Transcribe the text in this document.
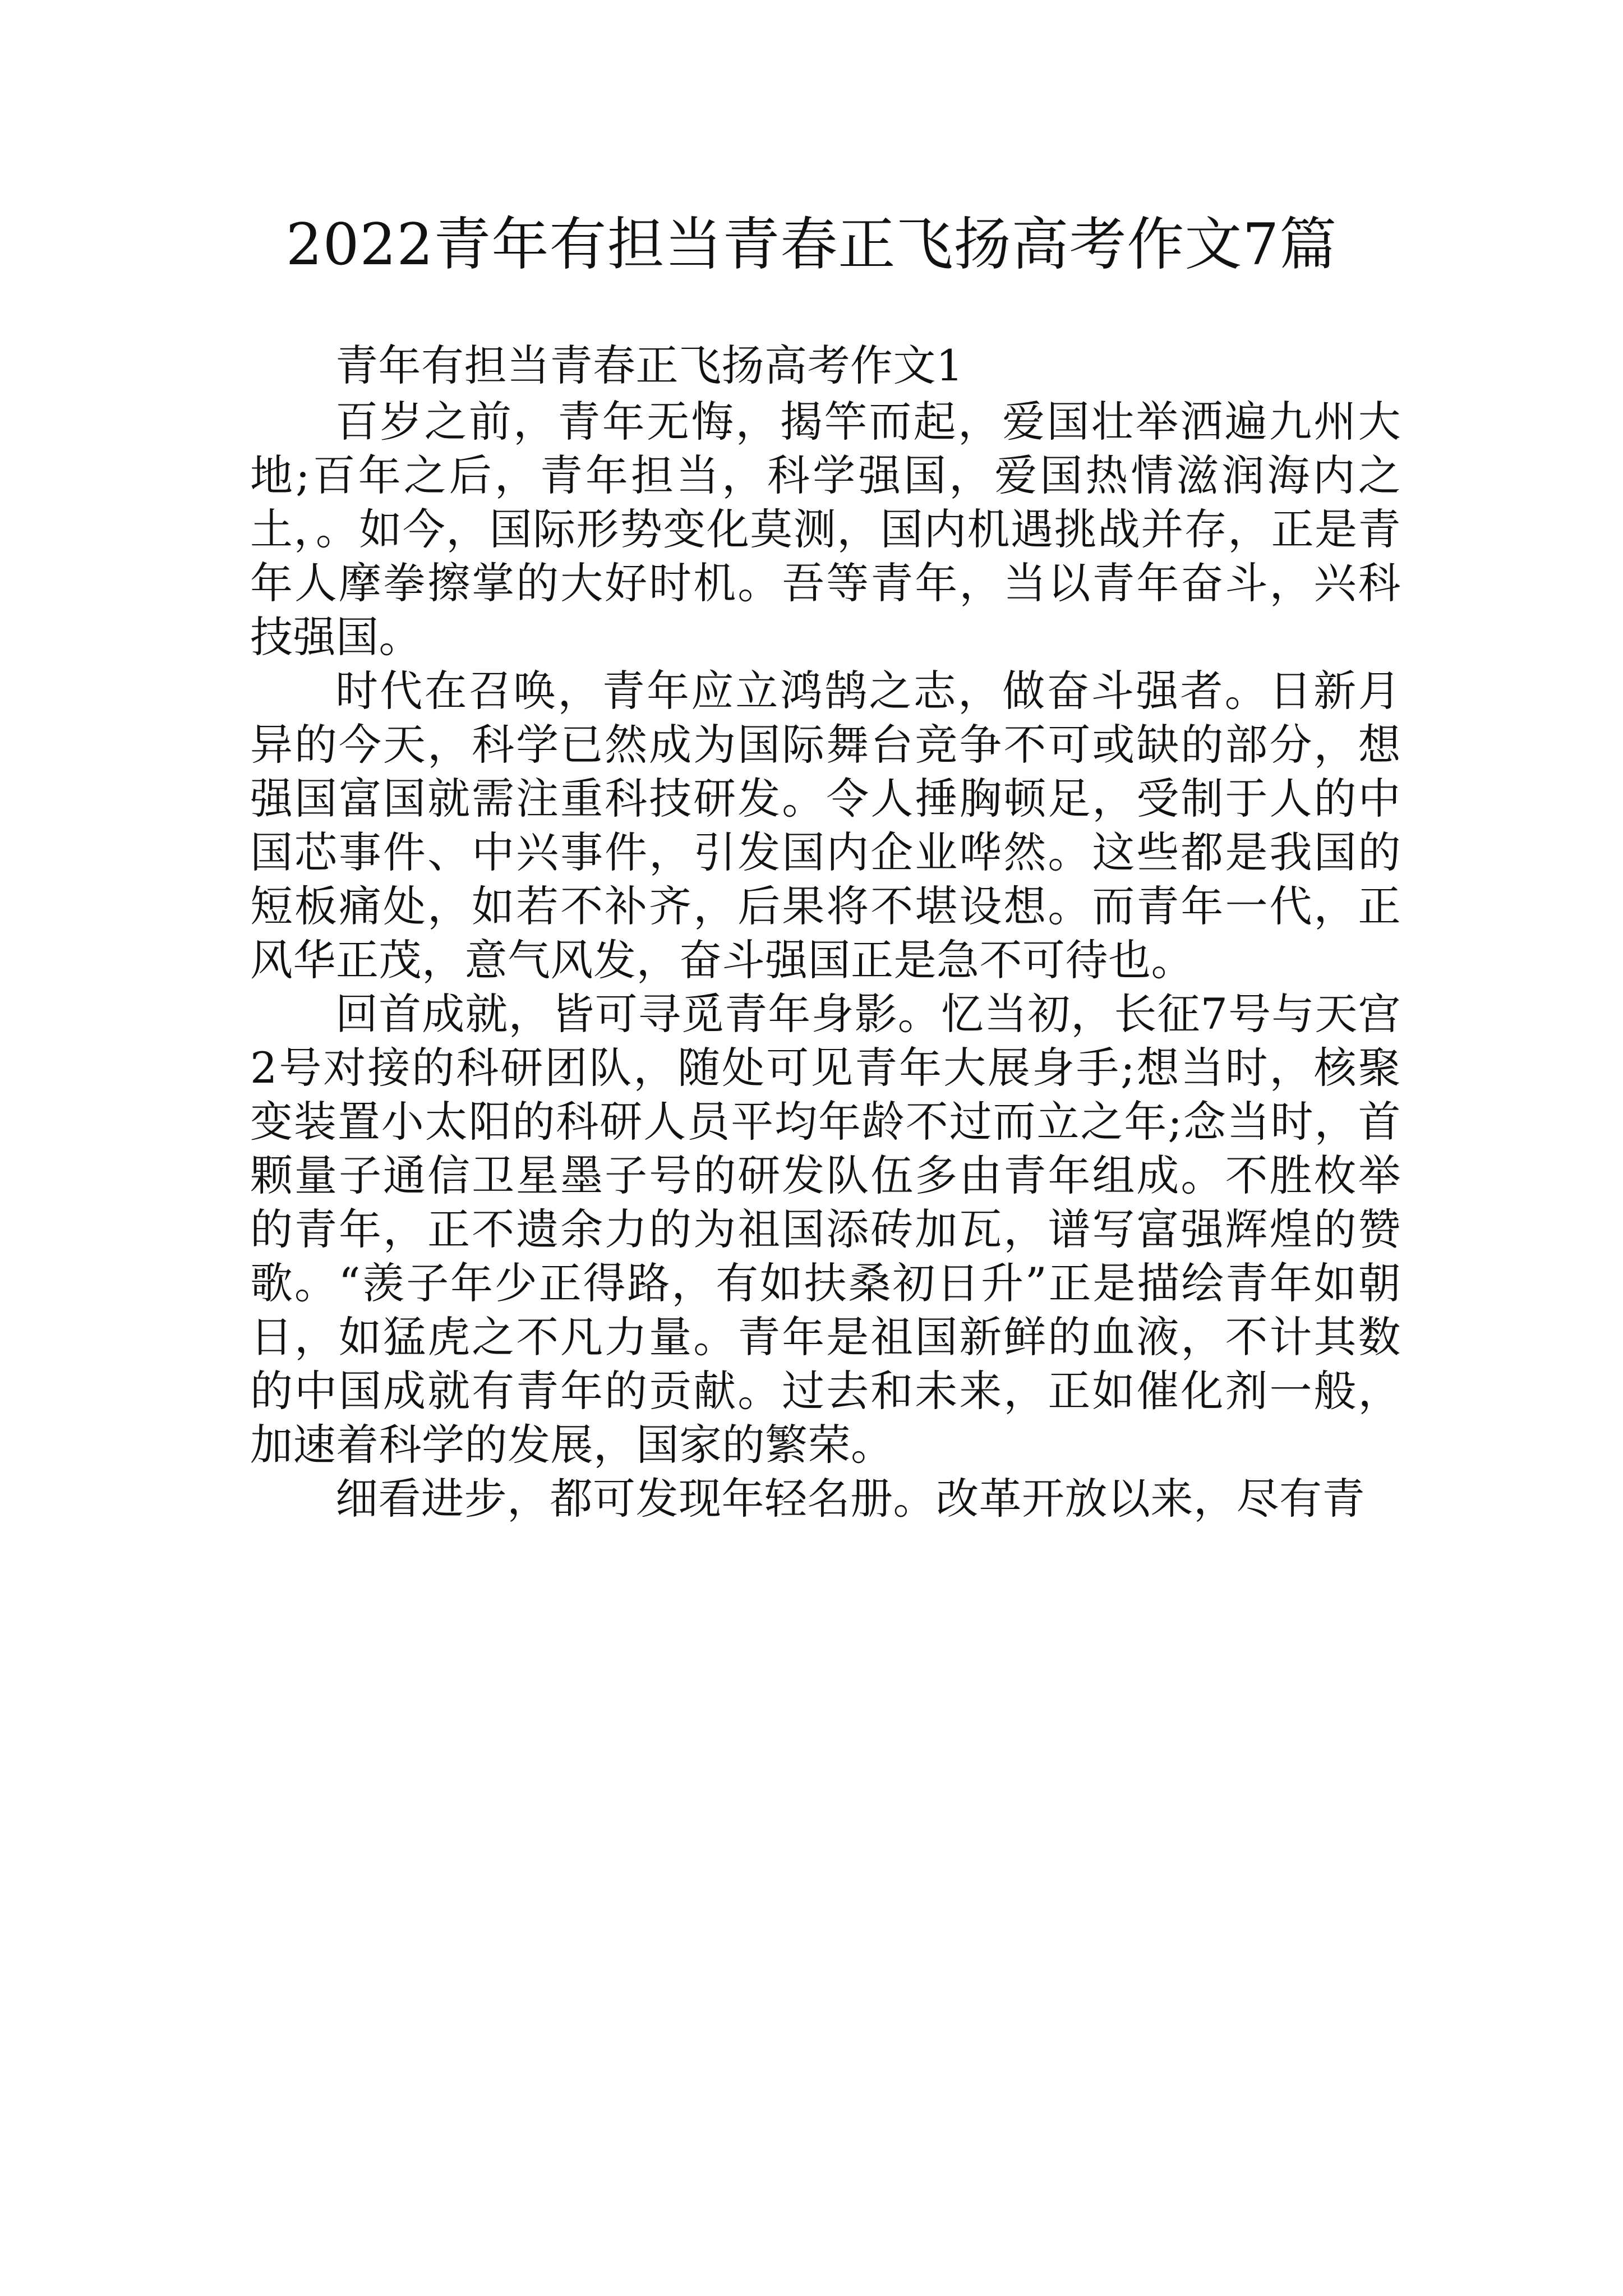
2022青年有担当青春正飞扬高考作文7篇

青年有担当青春正飞扬高考作文1

百岁之前，青年无悔，揭竿而起，爱国壮举洒遍九州大地;百年之后，青年担当，科学强国，爱国热情滋润海内之土，。如今，国际形势变化莫测，国内机遇挑战并存，正是青年人摩拳擦掌的大好时机。吾等青年，当以青年奋斗，兴科技强国。

时代在召唤，青年应立鸿鹄之志，做奋斗强者。日新月异的今天，科学已然成为国际舞台竞争不可或缺的部分，想强国富国就需注重科技研发。令人捶胸顿足，受制于人的中国芯事件、中兴事件，引发国内企业哗然。这些都是我国的短板痛处，如若不补齐，后果将不堪设想。而青年一代，正风华正茂，意气风发，奋斗强国正是急不可待也。

回首成就，皆可寻觅青年身影。忆当初，长征7号与天宫2号对接的科研团队，随处可见青年大展身手;想当时，核聚变装置小太阳的科研人员平均年龄不过而立之年;念当时，首颗量子通信卫星墨子号的研发队伍多由青年组成。不胜枚举的青年，正不遗余力的为祖国添砖加瓦，谱写富强辉煌的赞歌。“羡子年少正得路，有如扶桑初日升”正是描绘青年如朝日，如猛虎之不凡力量。青年是祖国新鲜的血液，不计其数的中国成就有青年的贡献。过去和未来，正如催化剂一般，加速着科学的发展，国家的繁荣。

细看进步，都可发现年轻名册。改革开放以来，尽有青
